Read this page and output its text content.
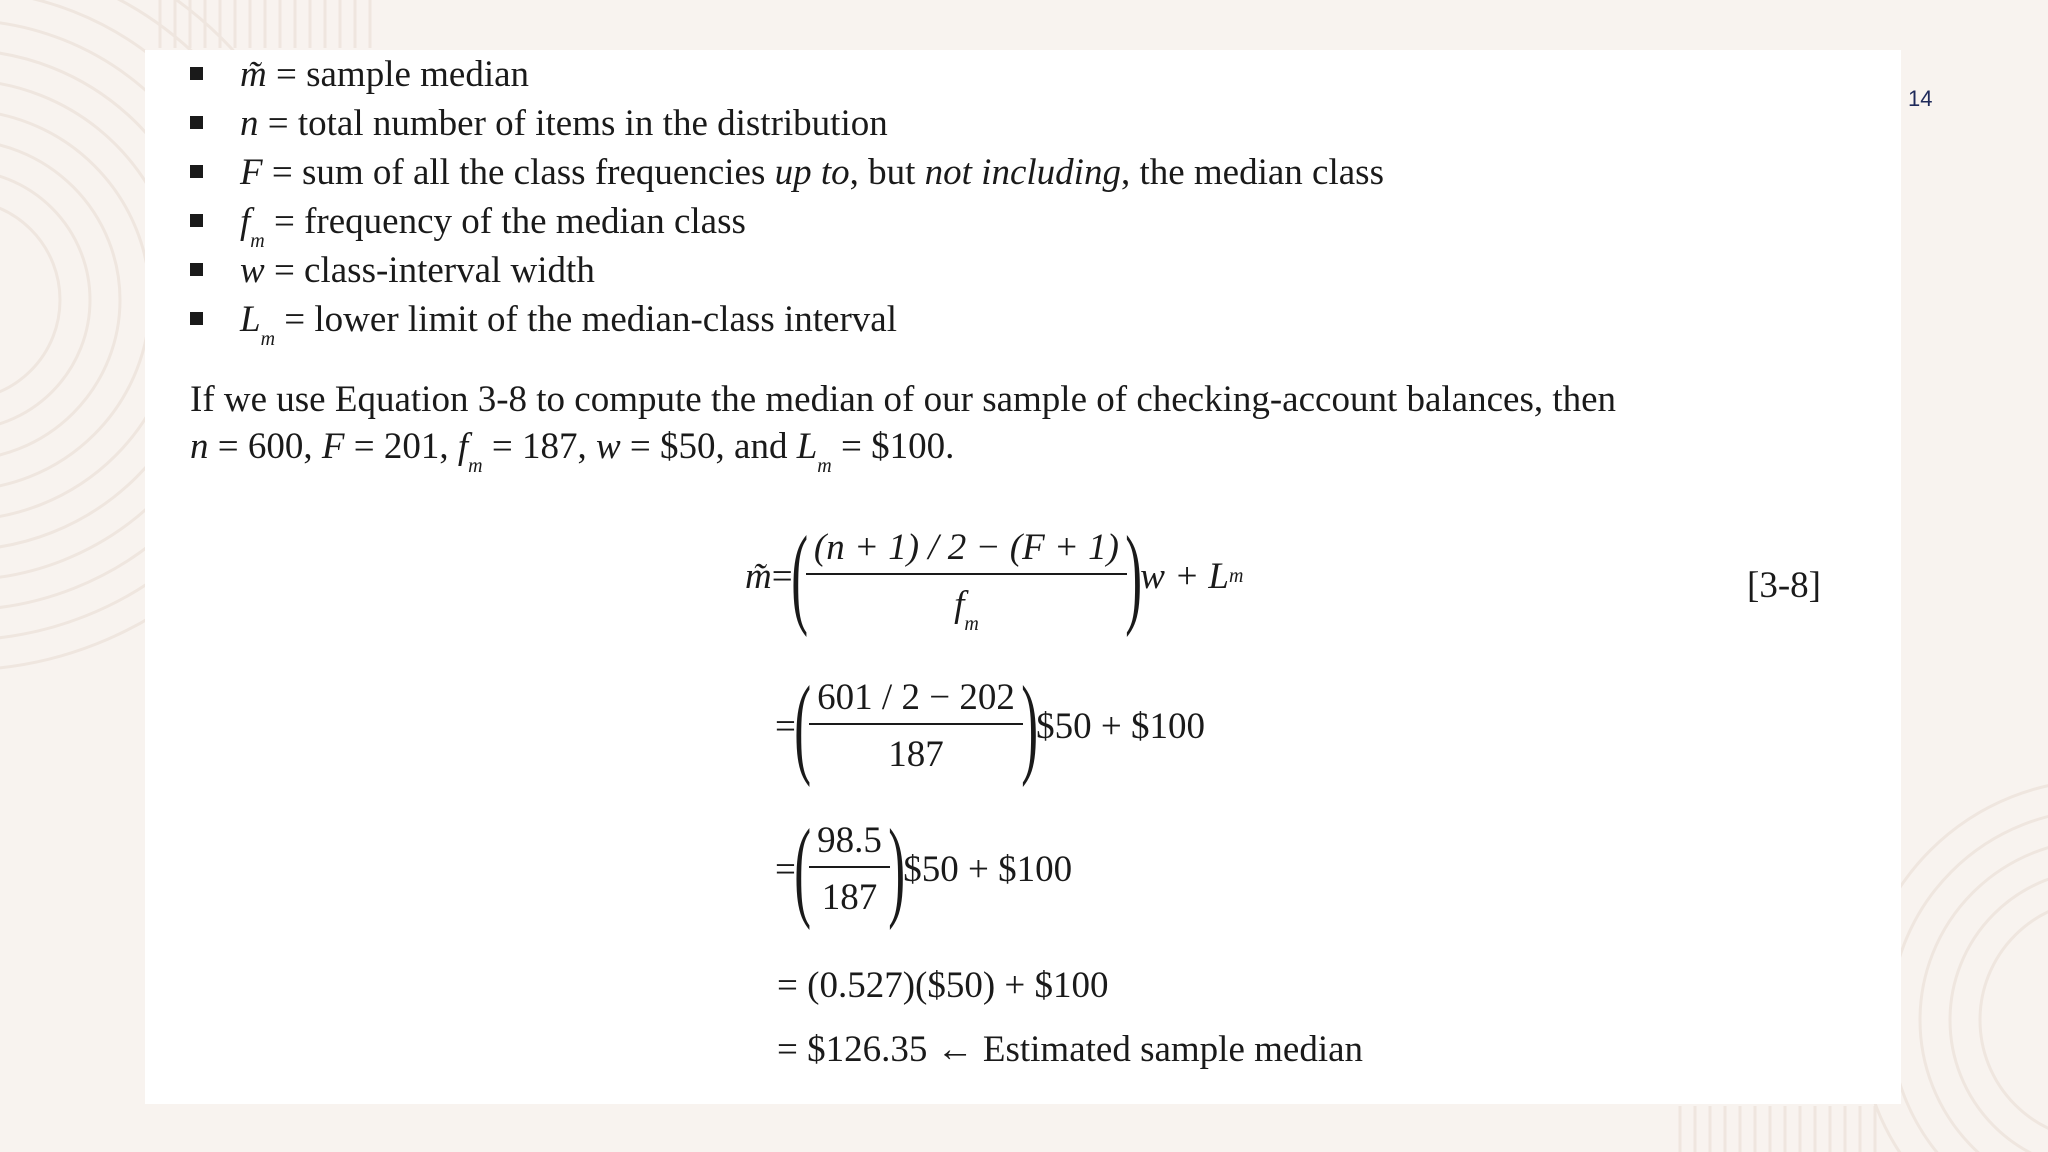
14
m̃ = sample median
n = total number of items in the distribution
F = sum of all the class frequencies up to, but not including, the median class
$f_m$ = frequency of the median class
w = class-interval width
$L_m$ = lower limit of the median-class interval
If we use Equation 3-8 to compute the median of our sample of checking-account balances, then
n = 600, F = 201, $f_m = 187$, w = $50, and $L_m$ = $100.
m̃ =
(
$\frac{(n + 1) / 2 - (F + 1)}{f_m}$
)
w + L m	[3-8]
=
(
$\frac{601 / 2 - 202}{187}$
)
$50 + $100
=
(
$\frac{98.5}{187}$
)
$50 + $100
= (0.527)($50) + $100
= $126.35 ← Estimated sample median
